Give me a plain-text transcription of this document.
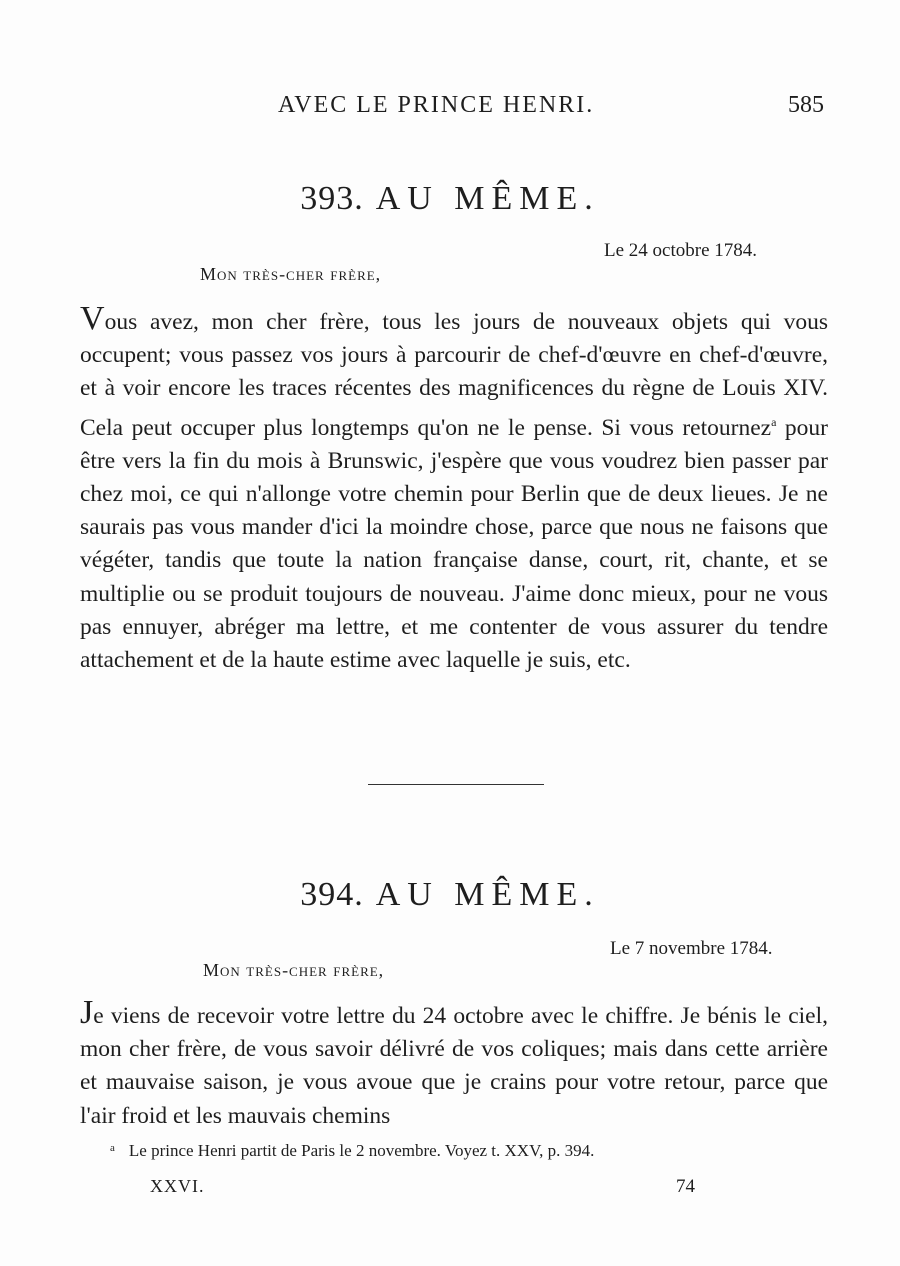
AVEC LE PRINCE HENRI.	585
393. AU MÊME.
Le 24 octobre 1784.
Mon très-cher frère,
Vous avez, mon cher frère, tous les jours de nouveaux objets qui vous occupent; vous passez vos jours à parcourir de chef-d'œuvre en chef-d'œuvre, et à voir encore les traces récentes des magnificences du règne de Louis XIV. Cela peut occuper plus longtemps qu'on ne le pense. Si vous retournez$^a$ pour être vers la fin du mois à Brunswic, j'espère que vous voudrez bien passer par chez moi, ce qui n'allonge votre chemin pour Berlin que de deux lieues. Je ne saurais pas vous mander d'ici la moindre chose, parce que nous ne faisons que végéter, tandis que toute la nation française danse, court, rit, chante, et se multiplie ou se produit toujours de nouveau. J'aime donc mieux, pour ne vous pas ennuyer, abréger ma lettre, et me contenter de vous assurer du tendre attachement et de la haute estime avec laquelle je suis, etc.
394. AU MÊME.
Le 7 novembre 1784.
Mon très-cher frère,
Je viens de recevoir votre lettre du 24 octobre avec le chiffre. Je bénis le ciel, mon cher frère, de vous savoir délivré de vos coliques; mais dans cette arrière et mauvaise saison, je vous avoue que je crains pour votre retour, parce que l'air froid et les mauvais chemins
$^a$ Le prince Henri partit de Paris le 2 novembre. Voyez t. XXV, p. 394.
XXVI.	74
